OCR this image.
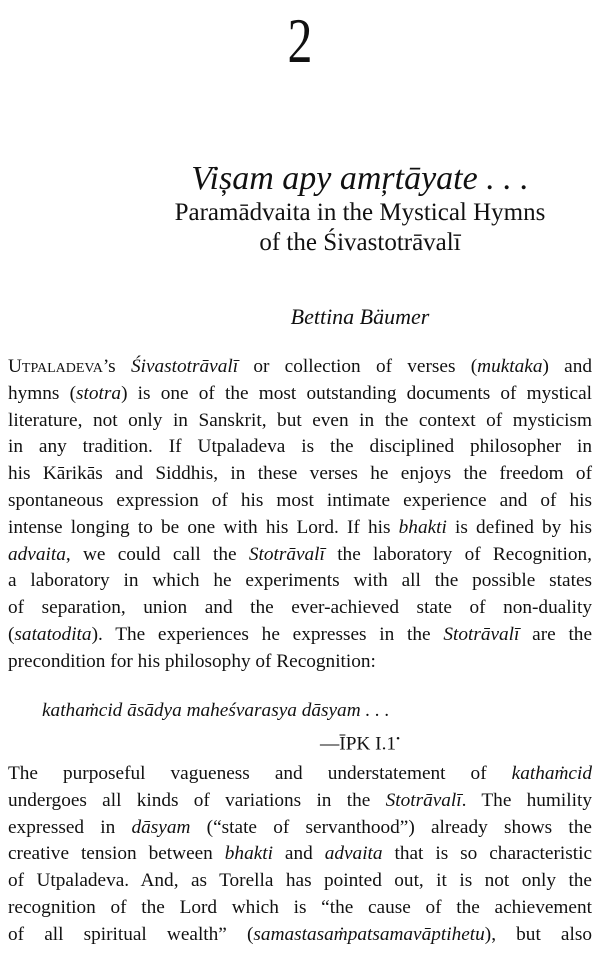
2
Vișam apy amŗtāyate . . .
Paramādvaita in the Mystical Hymns
of the Śivastotrāvalī
Bettina Bäumer
Utpaladeva’s Śivastotrāvalī or collection of verses (muktaka) and
hymns (stotra) is one of the most outstanding documents of mystical
literature, not only in Sanskrit, but even in the context of mysticism
in any tradition. If Utpaladeva is the disciplined philosopher in
his Kārikās and Siddhis, in these verses he enjoys the freedom of
spontaneous expression of his most intimate experience and of his
intense longing to be one with his Lord. If his bhakti is defined by his
advaita, we could call the Stotrāvalī the laboratory of Recognition,
a laboratory in which he experiments with all the possible states
of separation, union and the ever-achieved state of non-duality
(satatodita). The experiences he expresses in the Stotrāvalī are the
precondition for his philosophy of Recognition:
kathaṁcid āsādya maheśvarasya dāsyam . . .
—ĪPK I.1•
The purposeful vagueness and understatement of kathaṁcid
undergoes all kinds of variations in the Stotrāvalī. The humility
expressed in dāsyam (“state of servanthood”) already shows the
creative tension between bhakti and advaita that is so characteristic
of Utpaladeva. And, as Torella has pointed out, it is not only the
recognition of the Lord which is “the cause of the achievement
of all spiritual wealth” (samastasaṁpatsamavāptihetu), but also
